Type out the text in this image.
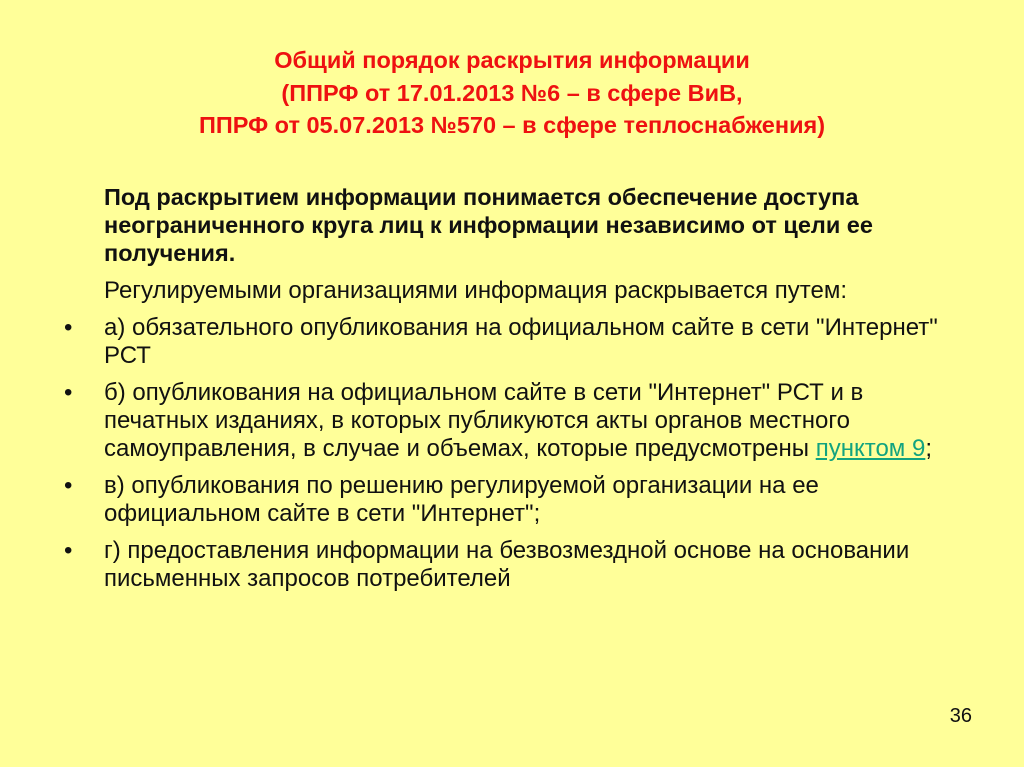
Общий порядок раскрытия информации
(ППРФ от 17.01.2013 №6 – в сфере ВиВ,
ППРФ от 05.07.2013 №570 – в сфере теплоснабжения)
Под раскрытием информации понимается обеспечение доступа неограниченного круга лиц к информации независимо от цели ее получения.
Регулируемыми организациями информация раскрывается путем:
• а) обязательного опубликования на официальном сайте в сети "Интернет" РСТ
• б) опубликования на официальном сайте в сети "Интернет" РСТ и в печатных изданиях, в которых публикуются акты органов местного самоуправления, в случае и объемах, которые предусмотрены пунктом 9;
• в) опубликования по решению регулируемой организации на ее официальном сайте в сети "Интернет";
• г) предоставления информации на безвозмездной основе на основании письменных запросов потребителей
36
